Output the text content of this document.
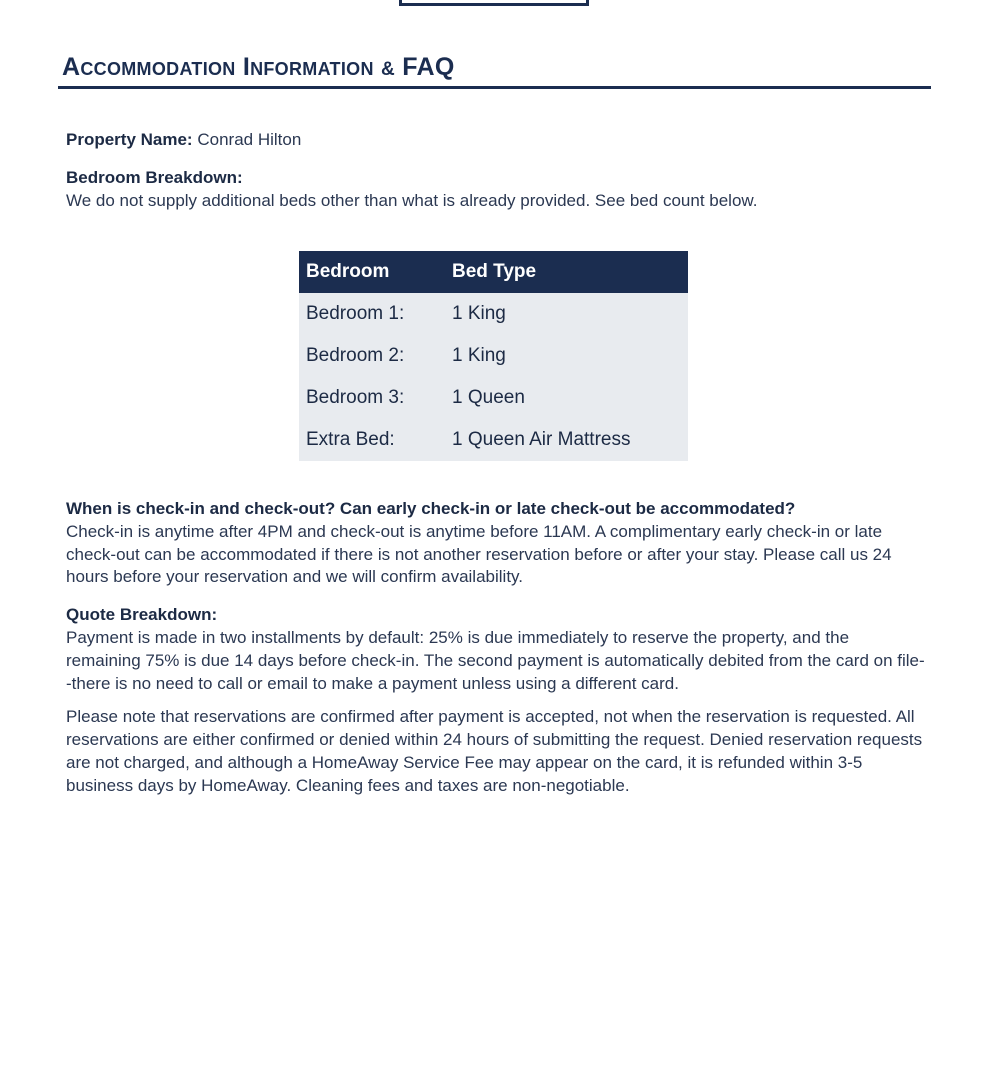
Accommodation Information & FAQ

Property Name: Conrad Hilton

Bedroom Breakdown:

We do not supply additional beds other than what is already provided. See bed count below.

Bedroom	Bed Type
Bedroom 1:	1 King
Bedroom 2:	1 King
Bedroom 3:	1 Queen
Extra Bed:	1 Queen Air Mattress

When is check-in and check-out? Can early check-in or late check-out be accommodated?

Check-in is anytime after 4PM and check-out is anytime before 11AM. A complimentary early check-in or late check-out can be accommodated if there is not another reservation before or after your stay. Please call us 24 hours before your reservation and we will confirm availability.

Quote Breakdown:

Payment is made in two installments by default: 25% is due immediately to reserve the property, and the remaining 75% is due 14 days before check-in. The second payment is automatically debited from the card on file--there is no need to call or email to make a payment unless using a different card.

Please note that reservations are confirmed after payment is accepted, not when the reservation is requested. All reservations are either confirmed or denied within 24 hours of submitting the request. Denied reservation requests are not charged, and although a HomeAway Service Fee may appear on the card, it is refunded within 3-5 business days by HomeAway. Cleaning fees and taxes are non-negotiable.
